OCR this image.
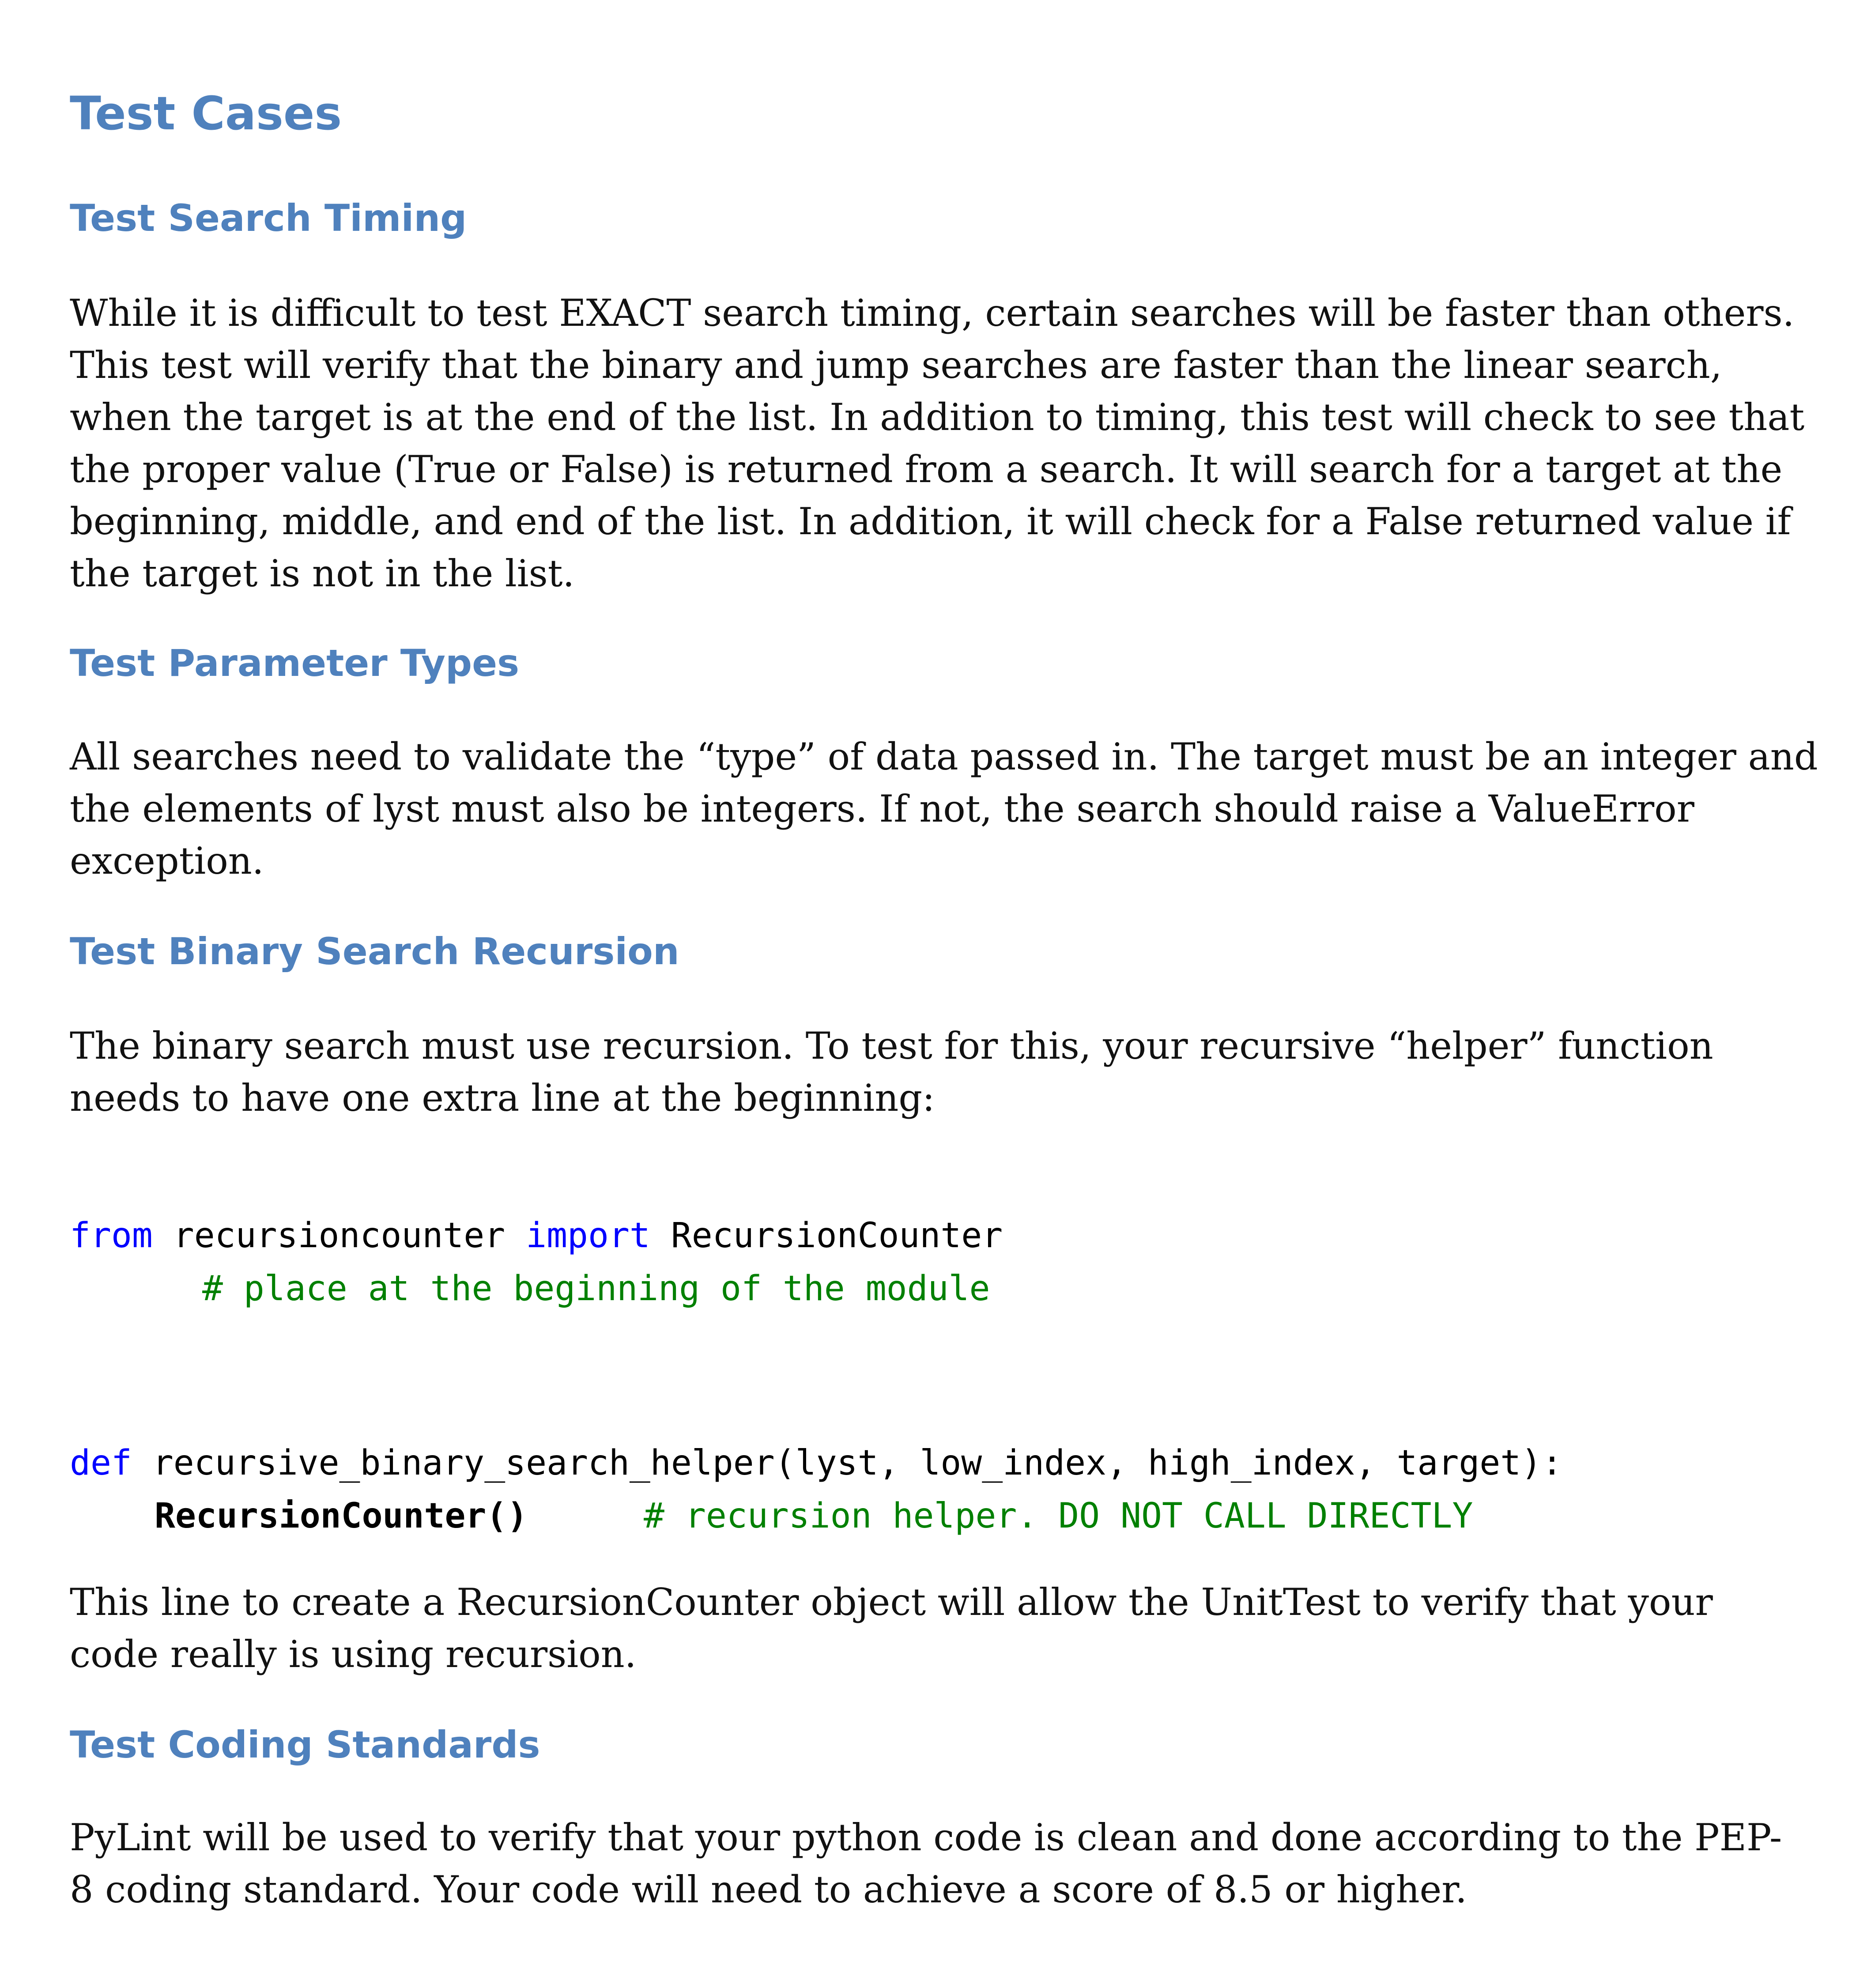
Test Cases
Test Search Timing
While it is difficult to test EXACT search timing, certain searches will be faster than others.
This test will verify that the binary and jump searches are faster than the linear search,
when the target is at the end of the list. In addition to timing, this test will check to see that
the proper value (True or False) is returned from a search. It will search for a target at the
beginning, middle, and end of the list. In addition, it will check for a False returned value if
the target is not in the list.
Test Parameter Types
All searches need to validate the “type” of data passed in. The target must be an integer and
the elements of lyst must also be integers. If not, the search should raise a ValueError
exception.
Test Binary Search Recursion
The binary search must use recursion. To test for this, your recursive “helper” function
needs to have one extra line at the beginning:
from recursioncounter import RecursionCounter
# place at the beginning of the module
def recursive_binary_search_helper(lyst, low_index, high_index, target):
RecursionCounter()	# recursion helper. DO NOT CALL DIRECTLY
This line to create a RecursionCounter object will allow the UnitTest to verify that your
code really is using recursion.
Test Coding Standards
PyLint will be used to verify that your python code is clean and done according to the PEP-
8 coding standard. Your code will need to achieve a score of 8.5 or higher.
